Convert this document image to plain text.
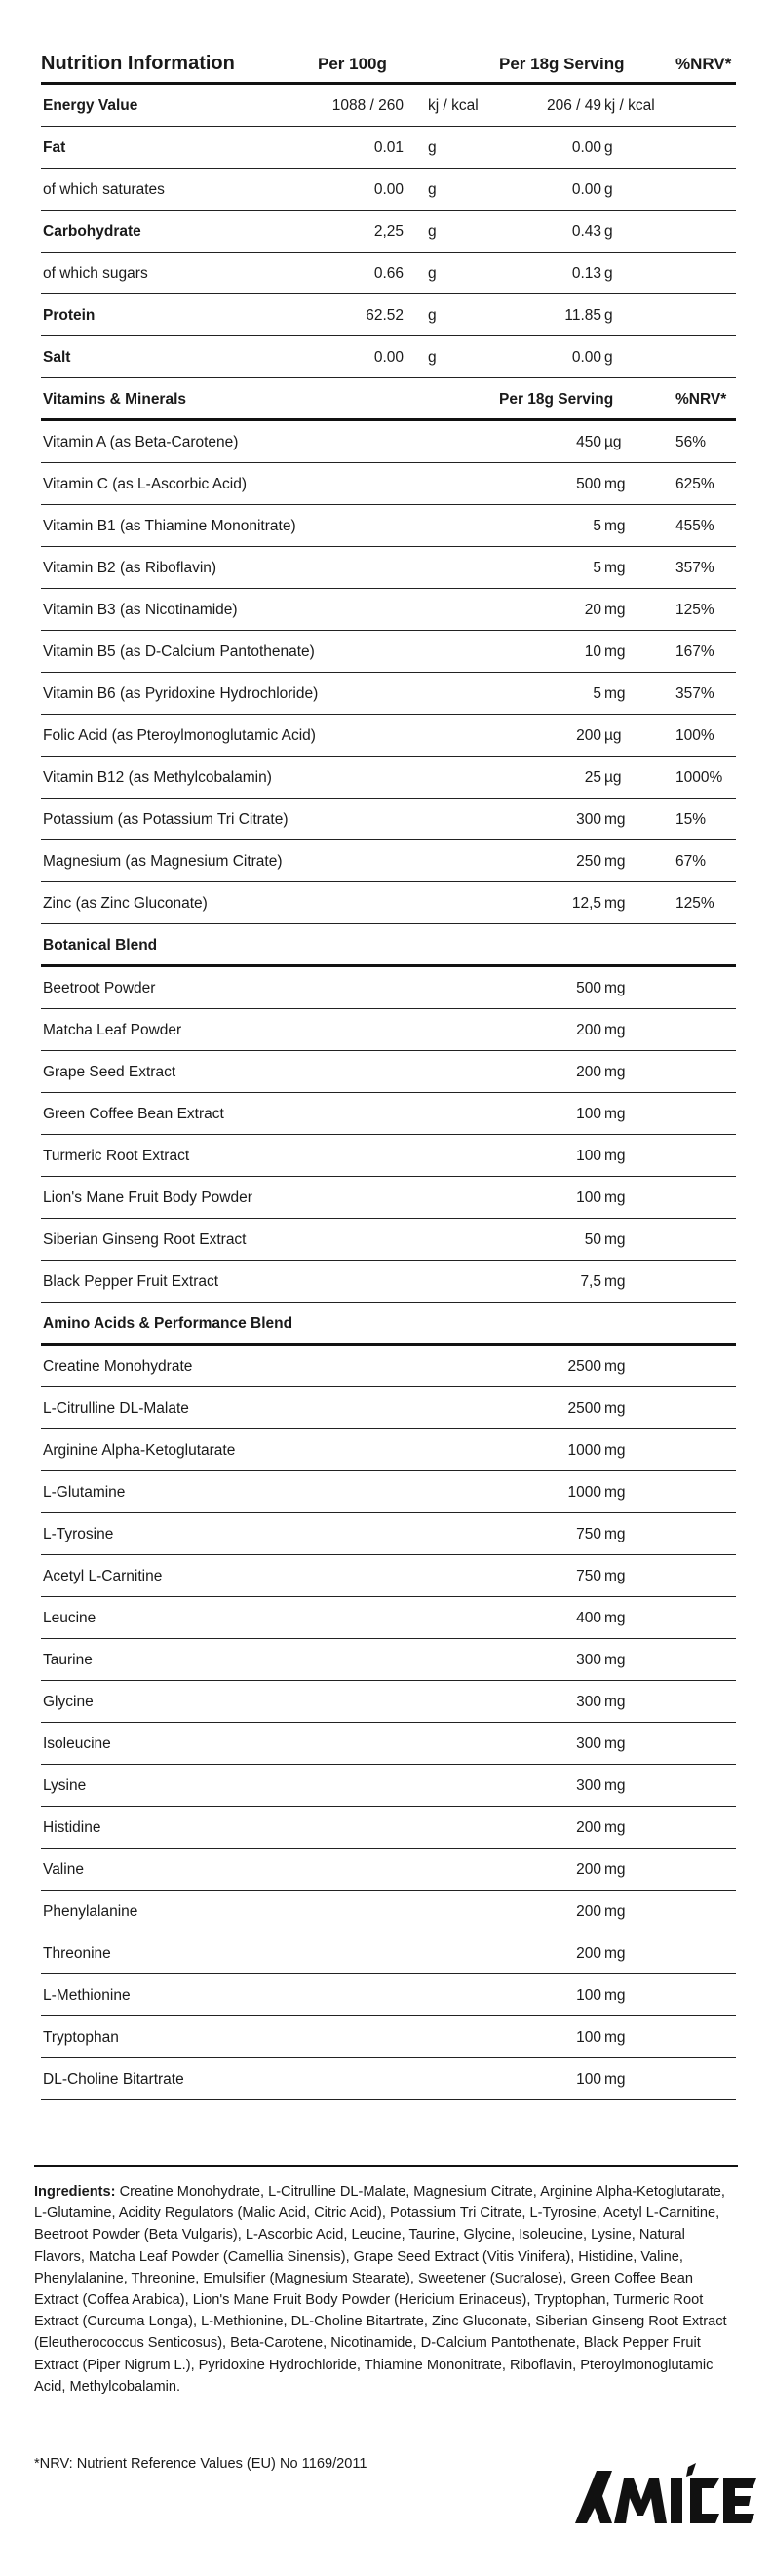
Nutrition Information	Per 100g	Per 18g Serving	%NRV*
Energy Value	1088 / 260 kj / kcal	206 / 49 kj / kcal
Fat	0.01 g	0.00 g
of which saturates	0.00 g	0.00 g
Carbohydrate	2,25 g	0.43 g
of which sugars	0.66 g	0.13 g
Protein	62.52 g	11.85 g
Salt	0.00 g	0.00 g
Vitamins & Minerals	Per 18g Serving	%NRV*
Vitamin A (as Beta-Carotene)	450 µg	56%
Vitamin C (as L-Ascorbic Acid)	500 mg	625%
Vitamin B1 (as Thiamine Mononitrate)	5 mg	455%
Vitamin B2 (as Riboflavin)	5 mg	357%
Vitamin B3 (as Nicotinamide)	20 mg	125%
Vitamin B5 (as D-Calcium Pantothenate)	10 mg	167%
Vitamin B6 (as Pyridoxine Hydrochloride)	5 mg	357%
Folic Acid (as Pteroylmonoglutamic Acid)	200 µg	100%
Vitamin B12 (as Methylcobalamin)	25 µg	1000%
Potassium (as Potassium Tri Citrate)	300 mg	15%
Magnesium (as Magnesium Citrate)	250 mg	67%
Zinc (as Zinc Gluconate)	12,5 mg	125%
Botanical Blend
Beetroot Powder	500 mg
Matcha Leaf Powder	200 mg
Grape Seed Extract	200 mg
Green Coffee Bean Extract	100 mg
Turmeric Root Extract	100 mg
Lion's Mane Fruit Body Powder	100 mg
Siberian Ginseng Root Extract	50 mg
Black Pepper Fruit Extract	7,5 mg
Amino Acids & Performance Blend
Creatine Monohydrate	2500 mg
L-Citrulline DL-Malate	2500 mg
Arginine Alpha-Ketoglutarate	1000 mg
L-Glutamine	1000 mg
L-Tyrosine	750 mg
Acetyl L-Carnitine	750 mg
Leucine	400 mg
Taurine	300 mg
Glycine	300 mg
Isoleucine	300 mg
Lysine	300 mg
Histidine	200 mg
Valine	200 mg
Phenylalanine	200 mg
Threonine	200 mg
L-Methionine	100 mg
Tryptophan	100 mg
DL-Choline Bitartrate	100 mg
Ingredients: Creatine Monohydrate, L-Citrulline DL-Malate, Magnesium Citrate, Arginine Alpha-Ketoglutarate, L-Glutamine, Acidity Regulators (Malic Acid, Citric Acid), Potassium Tri Citrate, L-Tyrosine, Acetyl L-Carnitine, Beetroot Powder (Beta Vulgaris), L-Ascorbic Acid, Leucine, Taurine, Glycine, Isoleucine, Lysine, Natural Flavors, Matcha Leaf Powder (Camellia Sinensis), Grape Seed Extract (Vitis Vinifera), Histidine, Valine, Phenylalanine, Threonine, Emulsifier (Magnesium Stearate), Sweetener (Sucralose), Green Coffee Bean Extract (Coffea Arabica), Lion's Mane Fruit Body Powder (Hericium Erinaceus), Tryptophan, Turmeric Root Extract (Curcuma Longa), L-Methionine, DL-Choline Bitartrate, Zinc Gluconate, Siberian Ginseng Root Extract (Eleutherococcus Senticosus), Beta-Carotene, Nicotinamide, D-Calcium Pantothenate, Black Pepper Fruit Extract (Piper Nigrum L.), Pyridoxine Hydrochloride, Thiamine Mononitrate, Riboflavin, Pteroylmonoglutamic Acid, Methylcobalamin.
*NRV: Nutrient Reference Values (EU) No 1169/2011
